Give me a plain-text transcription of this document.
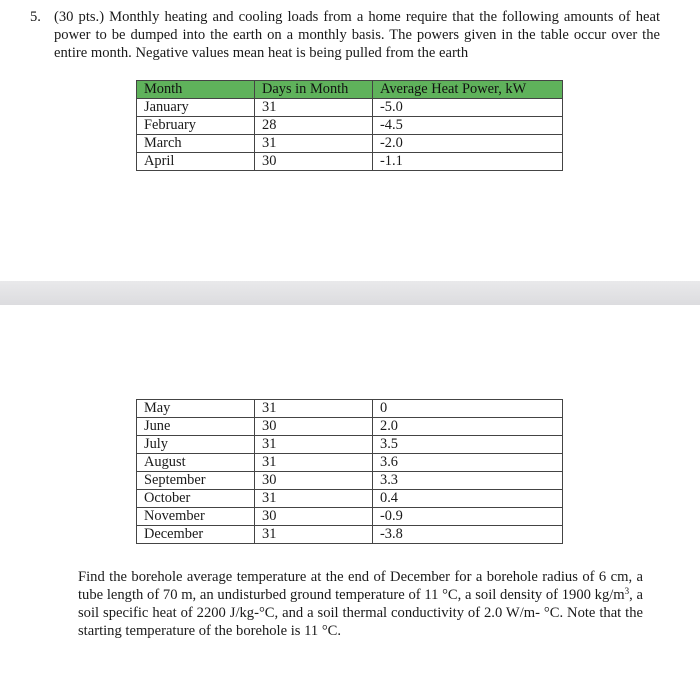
5. (30 pts.) Monthly heating and cooling loads from a home require that the following amounts of heat power to be dumped into the earth on a monthly basis. The powers given in the table occur over the entire month. Negative values mean heat is being pulled from the earth
Month	Days in Month	Average Heat Power, kW
January	31	-5.0
February	28	-4.5
March	31	-2.0
April	30	-1.1
May	31	0
June	30	2.0
July	31	3.5
August	31	3.6
September	30	3.3
October	31	0.4
November	30	-0.9
December	31	-3.8
Find the borehole average temperature at the end of December for a borehole radius of 6 cm, a tube length of 70 m, an undisturbed ground temperature of 11 °C, a soil density of 1900 $kg/m^3$, a soil specific heat of 2200 J/kg-°C, and a soil thermal conductivity of 2.0 W/m- °C. Note that the starting temperature of the borehole is 11 °C.
